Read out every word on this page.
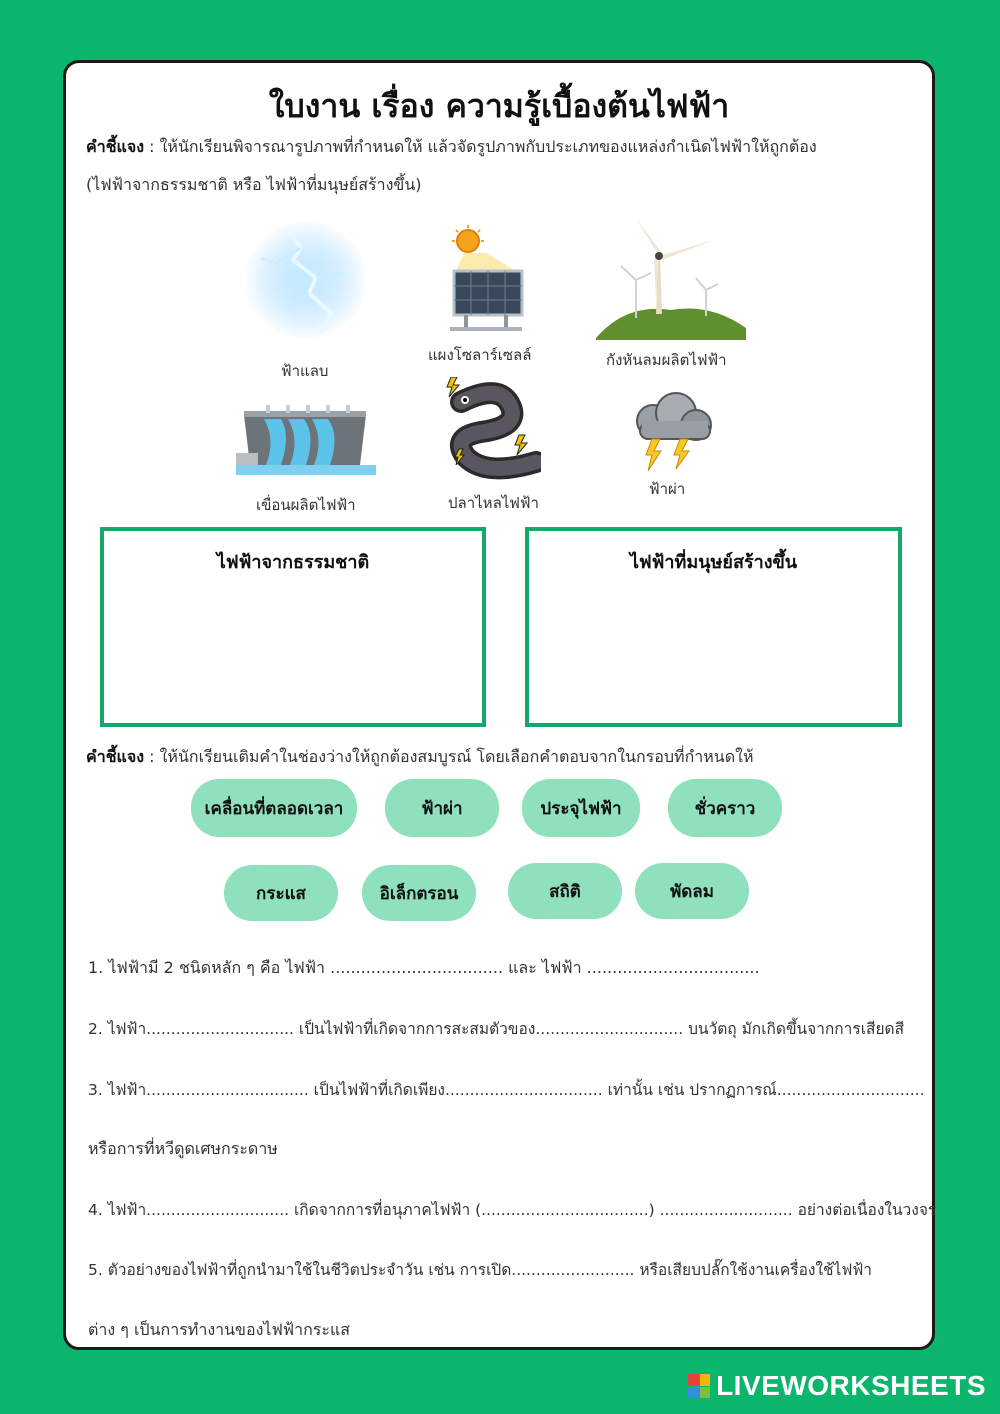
ใบงาน เรื่อง ความรู้เบื้องต้นไฟฟ้า
คำชี้แจง : ให้นักเรียนพิจารณารูปภาพที่กำหนดให้ แล้วจัดรูปภาพกับประเภทของแหล่งกำเนิดไฟฟ้าให้ถูกต้อง
(ไฟฟ้าจากธรรมชาติ หรือ ไฟฟ้าที่มนุษย์สร้างขึ้น)
ฟ้าแลบ
แผงโซลาร์เซลล์	กังหันลมผลิตไฟฟ้า
เขื่อนผลิตไฟฟ้า	ปลาไหลไฟฟ้า
ฟ้าผ่า
ไฟฟ้าจากธรรมชาติ	ไฟฟ้าที่มนุษย์สร้างขึ้น
คำชี้แจง : ให้นักเรียนเติมคำในช่องว่างให้ถูกต้องสมบูรณ์ โดยเลือกคำตอบจากในกรอบที่กำหนดให้
เคลื่อนที่ตลอดเวลา	ฟ้าผ่า	ประจุไฟฟ้า	ชั่วคราว
กระแส	อิเล็กตรอน	สถิติ	พัดลม
1. ไฟฟ้ามี 2 ชนิดหลัก ๆ คือ ไฟฟ้า .................................. และ ไฟฟ้า ..................................
2. ไฟฟ้า.............................. เป็นไฟฟ้าที่เกิดจากการสะสมตัวของ.............................. บนวัตถุ มักเกิดขึ้นจากการเสียดสี
3. ไฟฟ้า................................. เป็นไฟฟ้าที่เกิดเพียง................................ เท่านั้น เช่น ปรากฏการณ์..............................
หรือการที่หวีดูดเศษกระดาษ
4. ไฟฟ้า............................. เกิดจากการที่อนุภาคไฟฟ้า (..................................) ........................... อย่างต่อเนื่องในวงจร
5. ตัวอย่างของไฟฟ้าที่ถูกนำมาใช้ในชีวิตประจำวัน เช่น การเปิด......................... หรือเสียบปลั๊กใช้งานเครื่องใช้ไฟฟ้า
ต่าง ๆ เป็นการทำงานของไฟฟ้ากระแส
LIVEWORKSHEETS
